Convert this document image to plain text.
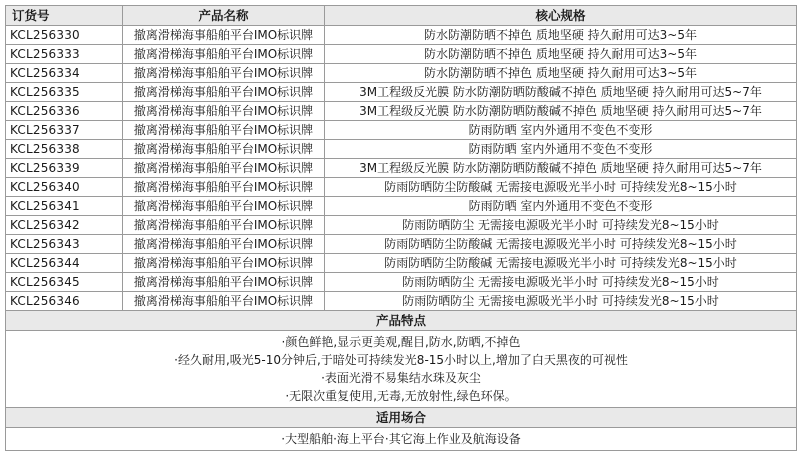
订货号	产品名称	核心规格
KCL256330	撤离滑梯海事船舶平台IMO标识牌	防水防潮防晒不掉色 质地坚硬 持久耐用可达3~5年
KCL256333	撤离滑梯海事船舶平台IMO标识牌	防水防潮防晒不掉色 质地坚硬 持久耐用可达3~5年
KCL256334	撤离滑梯海事船舶平台IMO标识牌	防水防潮防晒不掉色 质地坚硬 持久耐用可达3~5年
KCL256335	撤离滑梯海事船舶平台IMO标识牌	3M工程级反光膜 防水防潮防晒防酸碱不掉色 质地坚硬 持久耐用可达5~7年
KCL256336	撤离滑梯海事船舶平台IMO标识牌	3M工程级反光膜 防水防潮防晒防酸碱不掉色 质地坚硬 持久耐用可达5~7年
KCL256337	撤离滑梯海事船舶平台IMO标识牌	防雨防晒 室内外通用不变色不变形
KCL256338	撤离滑梯海事船舶平台IMO标识牌	防雨防晒 室内外通用不变色不变形
KCL256339	撤离滑梯海事船舶平台IMO标识牌	3M工程级反光膜 防水防潮防晒防酸碱不掉色 质地坚硬 持久耐用可达5~7年
KCL256340	撤离滑梯海事船舶平台IMO标识牌	防雨防晒防尘防酸碱 无需接电源吸光半小时 可持续发光8~15小时
KCL256341	撤离滑梯海事船舶平台IMO标识牌	防雨防晒 室内外通用不变色不变形
KCL256342	撤离滑梯海事船舶平台IMO标识牌	防雨防晒防尘 无需接电源吸光半小时 可持续发光8~15小时
KCL256343	撤离滑梯海事船舶平台IMO标识牌	防雨防晒防尘防酸碱 无需接电源吸光半小时 可持续发光8~15小时
KCL256344	撤离滑梯海事船舶平台IMO标识牌	防雨防晒防尘防酸碱 无需接电源吸光半小时 可持续发光8~15小时
KCL256345	撤离滑梯海事船舶平台IMO标识牌	防雨防晒防尘 无需接电源吸光半小时 可持续发光8~15小时
KCL256346	撤离滑梯海事船舶平台IMO标识牌	防雨防晒防尘 无需接电源吸光半小时 可持续发光8~15小时
产品特点		

·颜色鲜艳,显示更美观,醒目,防水,防晒,不掉色
·经久耐用,吸光5-10分钟后,于暗处可持续发光8-15小时以上,增加了白天黑夜的可视性
·表面光滑不易集结水珠及灰尘
·无限次重复使用,无毒,无放射性,绿色环保。		

适用场合		
·大型船舶·海上平台·其它海上作业及航海设备		
